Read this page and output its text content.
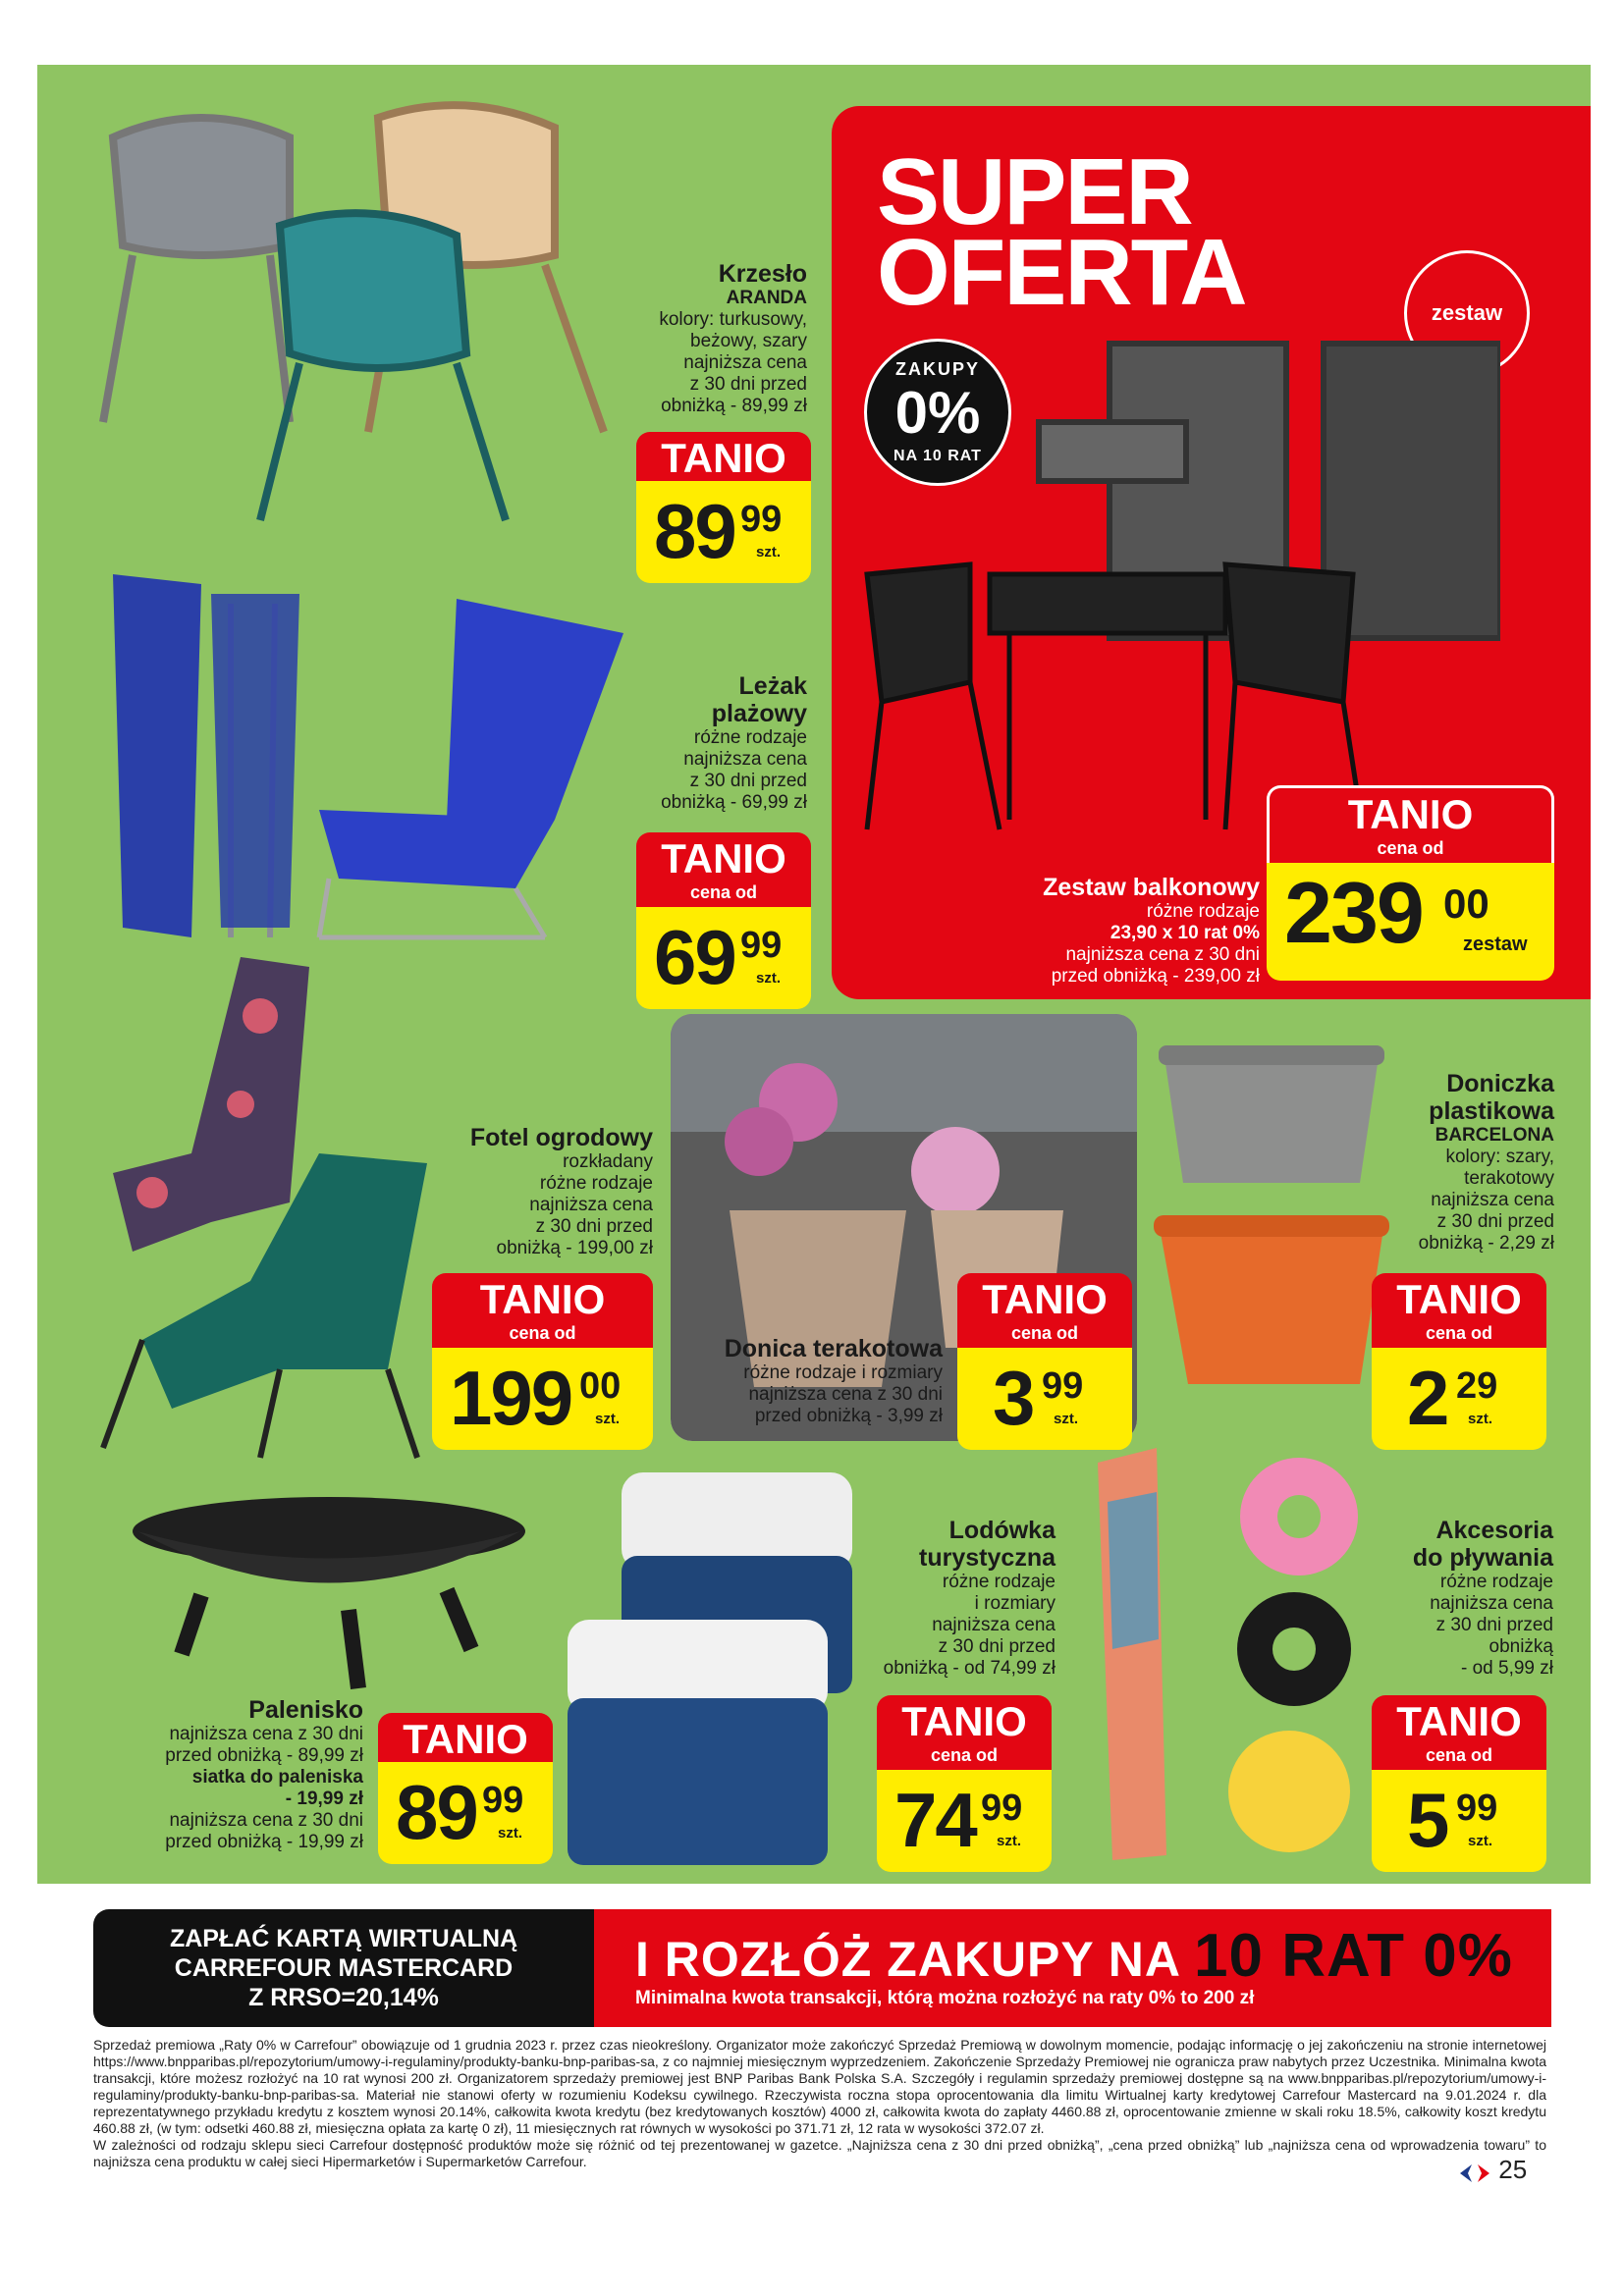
Krzesło
ARANDA
kolory: turkusowy,
beżowy, szary
najniższa cena
z 30 dni przed
obniżką - 89,99 zł
TANIO
89 99
szt.
SUPER
OFERTA	zestaw
ZAKUPY
0%
NA 10 RAT
Zestaw balkonowy
różne rodzaje
23,90 x 10 rat 0%
najniższa cena z 30 dni
przed obniżką - 239,00 zł
TANIO
cena od
239 00
zestaw
Leżak
plażowy
różne rodzaje
najniższa cena
z 30 dni przed
obniżką - 69,99 zł
TANIO
cena od
69 99
szt.
Fotel ogrodowy
rozkładany
różne rodzaje
najniższa cena
z 30 dni przed
obniżką - 199,00 zł
TANIO
cena od
199 00
szt.
Donica terakotowa
różne rodzaje i rozmiary
najniższa cena z 30 dni
przed obniżką - 3,99 zł
TANIO
cena od
3 99
szt.
Doniczka
plastikowa
BARCELONA
kolory: szary,
terakotowy
najniższa cena
z 30 dni przed
obniżką - 2,29 zł
TANIO
cena od
2 29
szt.
Palenisko
najniższa cena z 30 dni
przed obniżką - 89,99 zł
siatka do paleniska
- 19,99 zł
najniższa cena z 30 dni
przed obniżką - 19,99 zł
TANIO
89 99
szt.
Lodówka
turystyczna
różne rodzaje
i rozmiary
najniższa cena
z 30 dni przed
obniżką - od 74,99 zł
TANIO
cena od
74 99
szt.
Akcesoria
do pływania
różne rodzaje
najniższa cena
z 30 dni przed
obniżką
- od 5,99 zł
TANIO
cena od
5 99
szt.
ZAPŁAĆ KARTĄ WIRTUALNĄ
CARREFOUR MASTERCARD
Z RRSO=20,14%
I ROZŁÓŻ ZAKUPY NA 10 RAT 0%
Minimalna kwota transakcji, którą można rozłożyć na raty 0% to 200 zł
Sprzedaż premiowa „Raty 0% w Carrefour” obowiązuje od 1 grudnia 2023 r. przez czas nieokreślony. Organizator może zakończyć Sprzedaż Premiową w dowolnym momencie, podając informację o jej zakończeniu na stronie internetowej https://www.bnpparibas.pl/repozytorium/umowy-i-regulaminy/produkty-banku-bnp-paribas-sa, z co najmniej miesięcznym wyprzedzeniem. Zakończenie Sprzedaży Premiowej nie ogranicza praw nabytych przez Uczestnika. Minimalna kwota transakcji, które możesz rozłożyć na 10 rat wynosi 200 zł. Organizatorem sprzedaży premiowej jest BNP Paribas Bank Polska S.A. Szczegóły i regulamin sprzedaży premiowej dostępne są na www.bnpparibas.pl/repozytorium/umowy-i-regulaminy/produkty-banku-bnp-paribas-sa. Materiał nie stanowi oferty w rozumieniu Kodeksu cywilnego. Rzeczywista roczna stopa oprocentowania dla limitu Wirtualnej karty kredytowej Carrefour Mastercard na 9.01.2024 r. dla reprezentatywnego przykładu kredytu z kosztem wynosi 20.14%, całkowita kwota kredytu (bez kredytowanych kosztów) 4000 zł, całkowita kwota do zapłaty 4460.88 zł, oprocentowanie zmienne w skali roku 18.5%, całkowity koszt kredytu 460.88 zł, (w tym: odsetki 460.88 zł, miesięczna opłata za kartę 0 zł), 11 miesięcznych rat równych w wysokości po 371.71 zł, 12 rata w wysokości 372.07 zł.
W zależności od rodzaju sklepu sieci Carrefour dostępność produktów może się różnić od tej prezentowanej w gazetce. „Najniższa cena z 30 dni przed obniżką”, „cena przed obniżką” lub „najniższa cena od wprowadzenia towaru” to najniższa cena produktu w całej sieci Hipermarketów i Supermarketów Carrefour.	25
